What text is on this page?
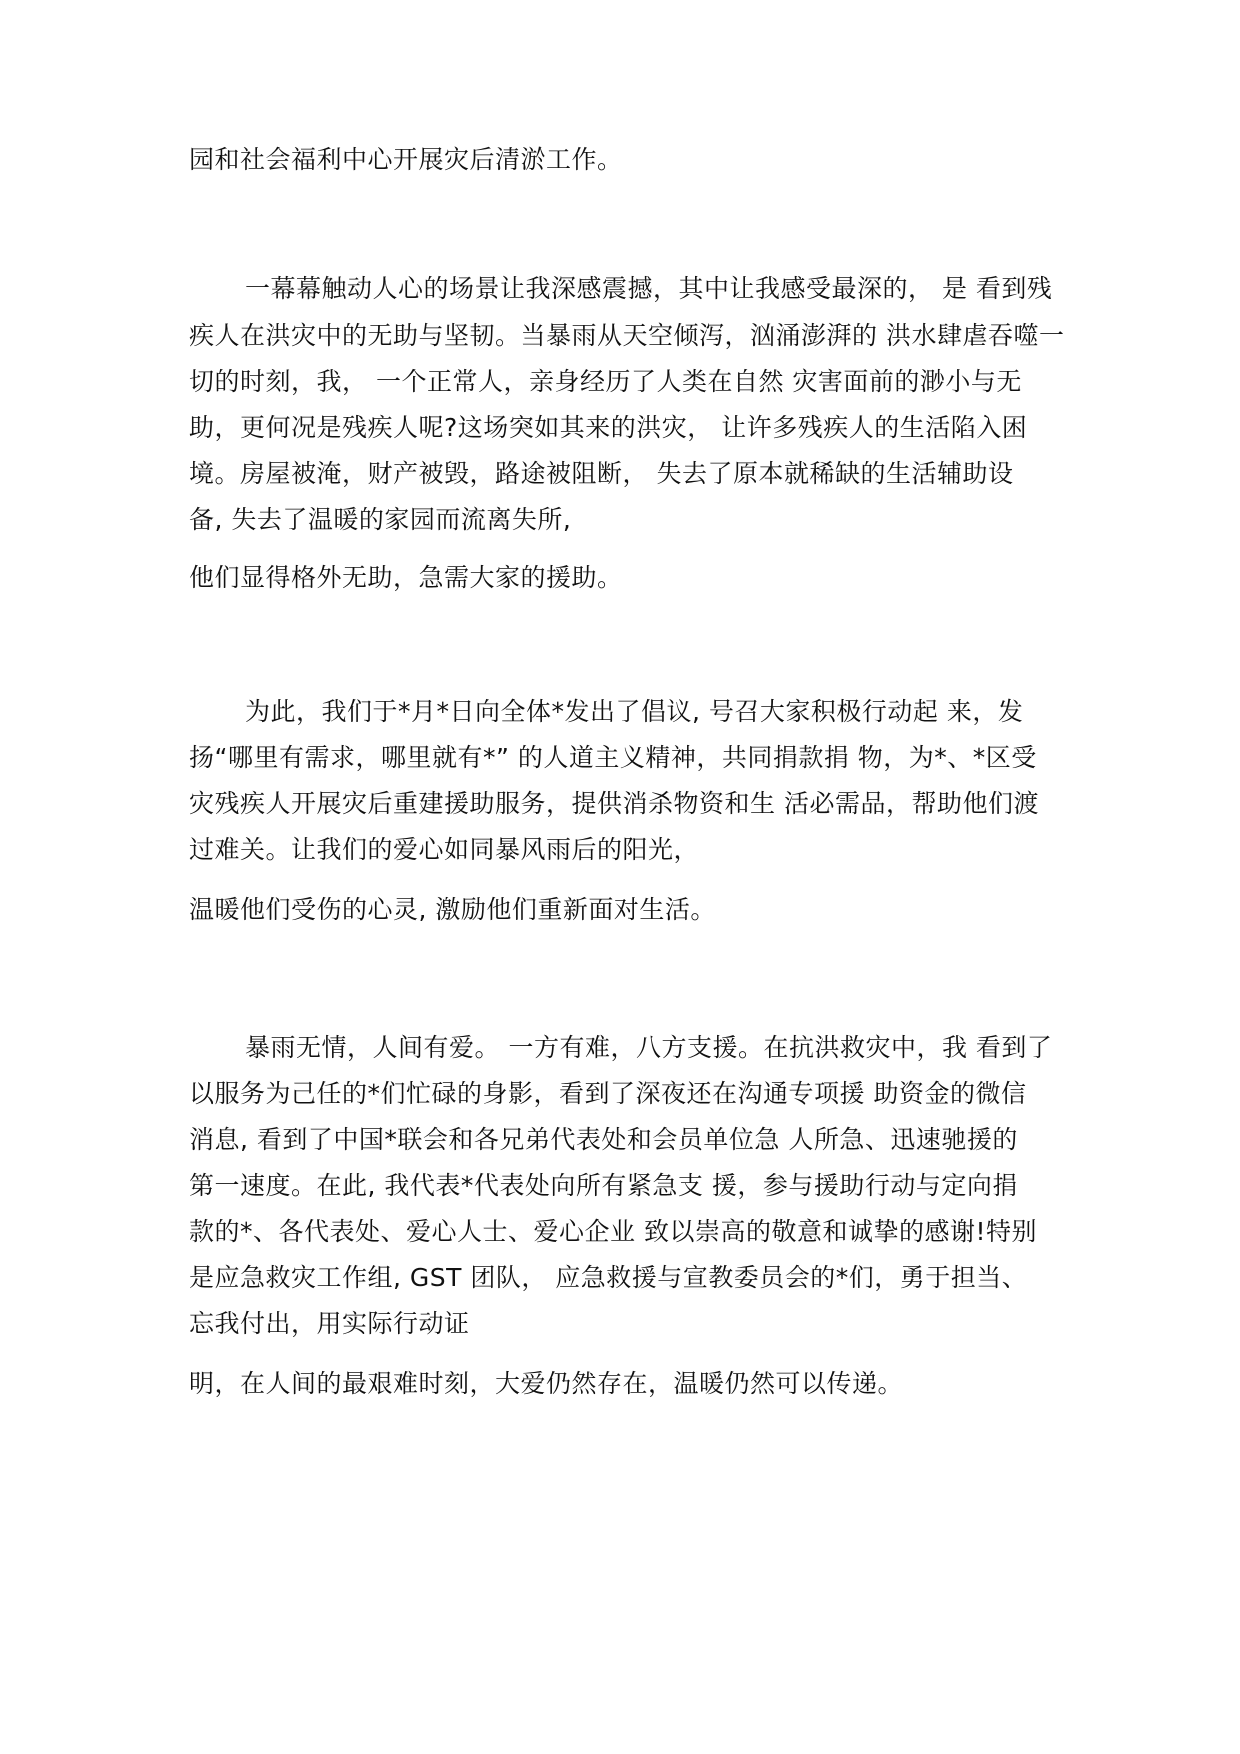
园和社会福利中心开展灾后清淤工作。
一幕幕触动人心的场景让我深感震撼，其中让我感受最深的， 是 看到残
疾人在洪灾中的无助与坚韧。当暴雨从天空倾泻，汹涌澎湃的 洪水肆虐吞噬一
切的时刻，我， 一个正常人，亲身经历了人类在自然 灾害面前的渺小与无
助，更何况是残疾人呢?这场突如其来的洪灾， 让许多残疾人的生活陷入困
境。房屋被淹，财产被毁，路途被阻断， 失去了原本就稀缺的生活辅助设
备, 失去了温暖的家园而流离失所,
他们显得格外无助，急需大家的援助。
为此，我们于*月*日向全体*发出了倡议, 号召大家积极行动起 来，发
扬“哪里有需求，哪里就有*” 的人道主义精神，共同捐款捐 物，为*、*区受
灾残疾人开展灾后重建援助服务，提供消杀物资和生 活必需品，帮助他们渡
过难关。让我们的爱心如同暴风雨后的阳光，
温暖他们受伤的心灵, 激励他们重新面对生活。
暴雨无情，人间有爱。 一方有难，八方支援。在抗洪救灾中，我 看到了
以服务为己任的*们忙碌的身影，看到了深夜还在沟通专项援 助资金的微信
消息, 看到了中国*联会和各兄弟代表处和会员单位急 人所急、迅速驰援的
第一速度。在此, 我代表*代表处向所有紧急支 援，参与援助行动与定向捐
款的*、各代表处、爱心人士、爱心企业 致以崇高的敬意和诚挚的感谢!特别
是应急救灾工作组, GST 团队， 应急救援与宣教委员会的*们，勇于担当、
忘我付出，用实际行动证
明，在人间的最艰难时刻，大爱仍然存在，温暖仍然可以传递。
